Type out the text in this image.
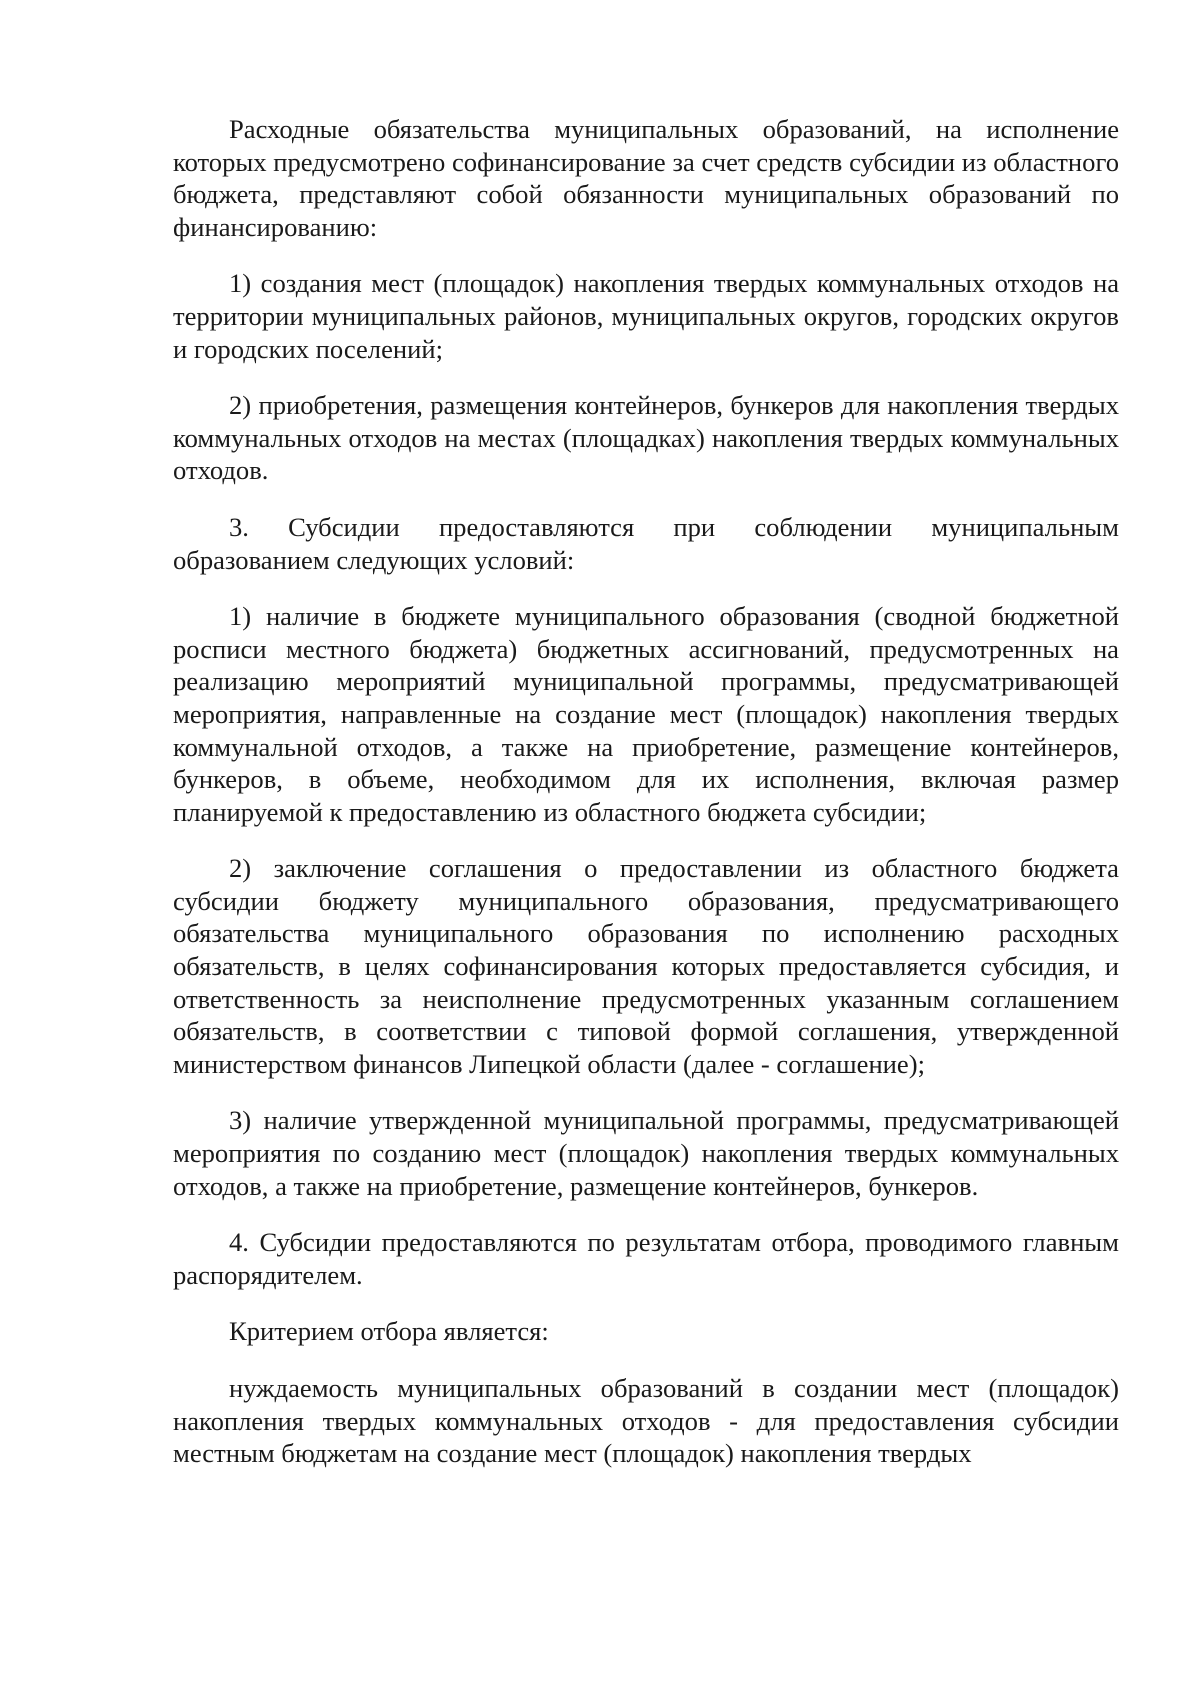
Расходные обязательства муниципальных образований, на исполнение которых предусмотрено софинансирование за счет средств субсидии из областного бюджета, представляют собой обязанности муниципальных образований по финансированию:

1) создания мест (площадок) накопления твердых коммунальных отходов на территории муниципальных районов, муниципальных округов, городских округов и городских поселений;

2) приобретения, размещения контейнеров, бункеров для накопления твердых коммунальных отходов на местах (площадках) накопления твердых коммунальных отходов.

3. Субсидии предоставляются при соблюдении муниципальным образованием следующих условий:

1) наличие в бюджете муниципального образования (сводной бюджетной росписи местного бюджета) бюджетных ассигнований, предусмотренных на реализацию мероприятий муниципальной программы, предусматривающей мероприятия, направленные на создание мест (площадок) накопления твердых коммунальной отходов, а также на приобретение, размещение контейнеров, бункеров, в объеме, необходимом для их исполнения, включая размер планируемой к предоставлению из областного бюджета субсидии;

2) заключение соглашения о предоставлении из областного бюджета субсидии бюджету муниципального образования, предусматривающего обязательства муниципального образования по исполнению расходных обязательств, в целях софинансирования которых предоставляется субсидия, и ответственность за неисполнение предусмотренных указанным соглашением обязательств, в соответствии с типовой формой соглашения, утвержденной министерством финансов Липецкой области (далее - соглашение);

3) наличие утвержденной муниципальной программы, предусматривающей мероприятия по созданию мест (площадок) накопления твердых коммунальных отходов, а также на приобретение, размещение контейнеров, бункеров.

4. Субсидии предоставляются по результатам отбора, проводимого главным распорядителем.

Критерием отбора является:

нуждаемость муниципальных образований в создании мест (площадок) накопления твердых коммунальных отходов - для предоставления субсидии местным бюджетам на создание мест (площадок) накопления твердых
